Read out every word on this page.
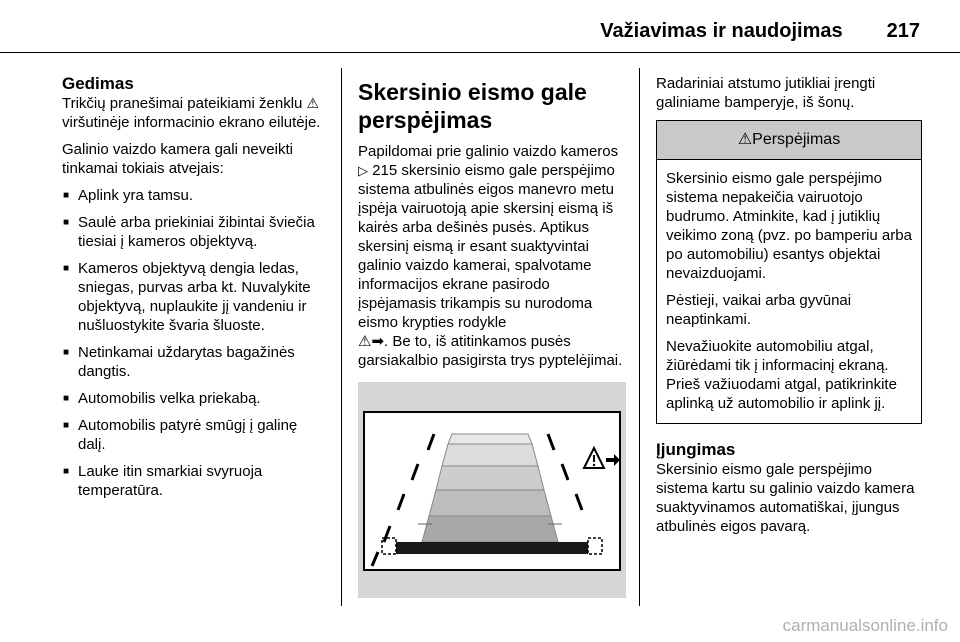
Važiavimas ir naudojimas 217
Gedimas

Trikčių pranešimai pateikiami ženklu ⚠ viršutinėje informacinio ekrano eilutėje.

Galinio vaizdo kamera gali neveikti tinkamai tokiais atvejais:

■ Aplink yra tamsu.
■ Saulė arba priekiniai žibintai šviečia tiesiai į kameros objektyvą.
■ Kameros objektyvą dengia ledas, sniegas, purvas arba kt. Nuvalykite objektyvą, nuplaukite jį vandeniu ir nušluostykite švaria šluoste.
■ Netinkamai uždarytas bagažinės dangtis.
■ Automobilis velka priekabą.
■ Automobilis patyrė smūgį į galinę dalį.
■ Lauke itin smarkiai svyruoja temperatūra.
Skersinio eismo gale perspėjimas

Papildomai prie galinio vaizdo kameros ▷ 215 skersinio eismo gale perspėjimo sistema atbulinės eigos manevro metu įspėja vairuotoją apie skersinį eismą iš kairės arba dešinės pusės. Aptikus skersinį eismą ir esant suaktyvintai galinio vaizdo kamerai, spalvotame informacijos ekrane pasirodo įspėjamasis trikampis su nurodoma eismo krypties rodykle
⚠➡. Be to, iš atitinkamos pusės garsiakalbio pasigirsta trys pyptelėjimai.

Radariniai atstumo jutikliai įrengti galiniame bamperyje, iš šonų.

⚠Perspėjimas

Skersinio eismo gale perspėjimo sistema nepakeičia vairuotojo budrumo. Atminkite, kad į jutiklių veikimo zoną (pvz. po bamperiu arba po automobiliu) esantys objektai nevaizduojami.

Pėstieji, vaikai arba gyvūnai neaptinkami.

Nevažiuokite automobiliu atgal, žiūrėdami tik į informacinį ekraną. Prieš važiuodami atgal, patikrinkite aplinką už automobilio ir aplink jį.

Įjungimas

Skersinio eismo gale perspėjimo sistema kartu su galinio vaizdo kamera suaktyvinamos automatiškai, įjungus atbulinės eigos pavarą.

carmanualsonline.info
